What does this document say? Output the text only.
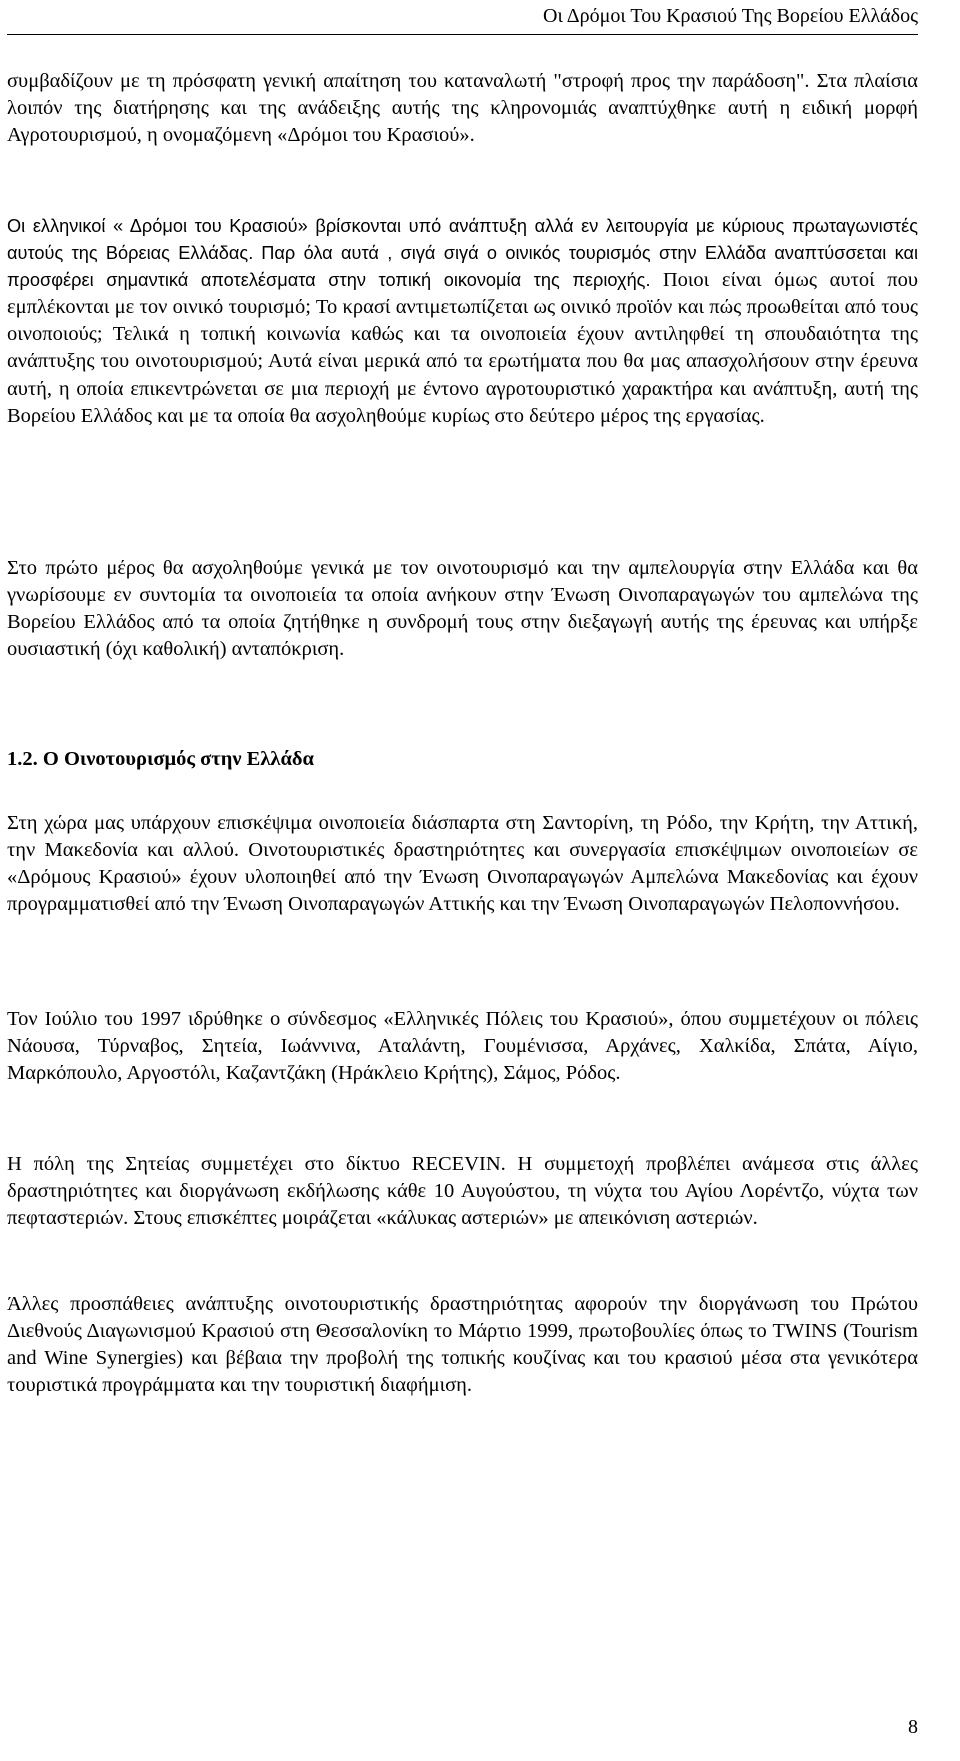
Οι Δρόμοι Του Κρασιού Της Βορείου Ελλάδος

συμβαδίζουν με τη πρόσφατη γενική απαίτηση του καταναλωτή "στροφή προς την παράδοση". Στα πλαίσια λοιπόν της διατήρησης και της ανάδειξης αυτής της κληρονομιάς αναπτύχθηκε αυτή η ειδική μορφή Αγροτουρισμού, η ονομαζόμενη «Δρόμοι του Κρασιού».

Οι ελληνικοί « Δρόμοι του Κρασιού» βρίσκονται υπό ανάπτυξη αλλά εν λειτουργία με κύριους πρωταγωνιστές αυτούς της Βόρειας Ελλάδας. Παρ όλα αυτά , σιγά σιγά ο οινικός τουρισμός στην Ελλάδα αναπτύσσεται και προσφέρει σημαντικά αποτελέσματα στην τοπική οικονομία της περιοχής. Ποιοι είναι όμως αυτοί που εμπλέκονται με τον οινικό τουρισμό; Το κρασί αντιμετωπίζεται ως οινικό προϊόν και πώς προωθείται από τους οινοποιούς; Τελικά η τοπική κοινωνία καθώς και τα οινοποιεία έχουν αντιληφθεί τη σπουδαιότητα της ανάπτυξης του οινοτουρισμού; Αυτά είναι μερικά από τα ερωτήματα που θα μας απασχολήσουν στην έρευνα αυτή, η οποία επικεντρώνεται σε μια περιοχή με έντονο αγροτουριστικό χαρακτήρα και ανάπτυξη, αυτή της Βορείου Ελλάδος και με τα οποία θα ασχοληθούμε κυρίως στο δεύτερο μέρος της εργασίας.

Στο πρώτο μέρος θα ασχοληθούμε γενικά με τον οινοτουρισμό και την αμπελουργία στην Ελλάδα και θα γνωρίσουμε εν συντομία τα οινοποιεία τα οποία ανήκουν στην Ένωση Οινοπαραγωγών του αμπελώνα της Βορείου Ελλάδος από τα οποία ζητήθηκε η συνδρομή τους στην διεξαγωγή αυτής της έρευνας και υπήρξε ουσιαστική (όχι καθολική) ανταπόκριση.

1.2. Ο Οινοτουρισμός στην Ελλάδα

Στη χώρα μας υπάρχουν επισκέψιμα οινοποιεία διάσπαρτα στη Σαντορίνη, τη Ρόδο, την Κρήτη, την Αττική, την Μακεδονία και αλλού. Οινοτουριστικές δραστηριότητες και συνεργασία επισκέψιμων οινοποιείων σε «Δρόμους Κρασιού» έχουν υλοποιηθεί από την Ένωση Οινοπαραγωγών Αμπελώνα Μακεδονίας και έχουν προγραμματισθεί από την Ένωση Οινοπαραγωγών Αττικής και την Ένωση Οινοπαραγωγών Πελοποννήσου.

Τον Ιούλιο του 1997 ιδρύθηκε ο σύνδεσμος «Ελληνικές Πόλεις του Κρασιού», όπου συμμετέχουν οι πόλεις Νάουσα, Τύρναβος, Σητεία, Ιωάννινα, Αταλάντη, Γουμένισσα, Αρχάνες, Χαλκίδα, Σπάτα, Αίγιο, Μαρκόπουλο, Αργοστόλι, Καζαντζάκη (Ηράκλειο Κρήτης), Σάμος, Ρόδος.

Η πόλη της Σητείας συμμετέχει στο δίκτυο RECEVIN. Η συμμετοχή προβλέπει ανάμεσα στις άλλες δραστηριότητες και διοργάνωση εκδήλωσης κάθε 10 Αυγούστου, τη νύχτα του Αγίου Λορέντζο, νύχτα των πεφταστεριών. Στους επισκέπτες μοιράζεται «κάλυκας αστεριών» με απεικόνιση αστεριών.

Άλλες προσπάθειες ανάπτυξης οινοτουριστικής δραστηριότητας αφορούν την διοργάνωση του Πρώτου Διεθνούς Διαγωνισμού Κρασιού στη Θεσσαλονίκη το Μάρτιο 1999, πρωτοβουλίες όπως το TWINS (Tourism and Wine Synergies) και βέβαια την προβολή της τοπικής κουζίνας και του κρασιού μέσα στα γενικότερα τουριστικά προγράμματα και την τουριστική διαφήμιση.

8
